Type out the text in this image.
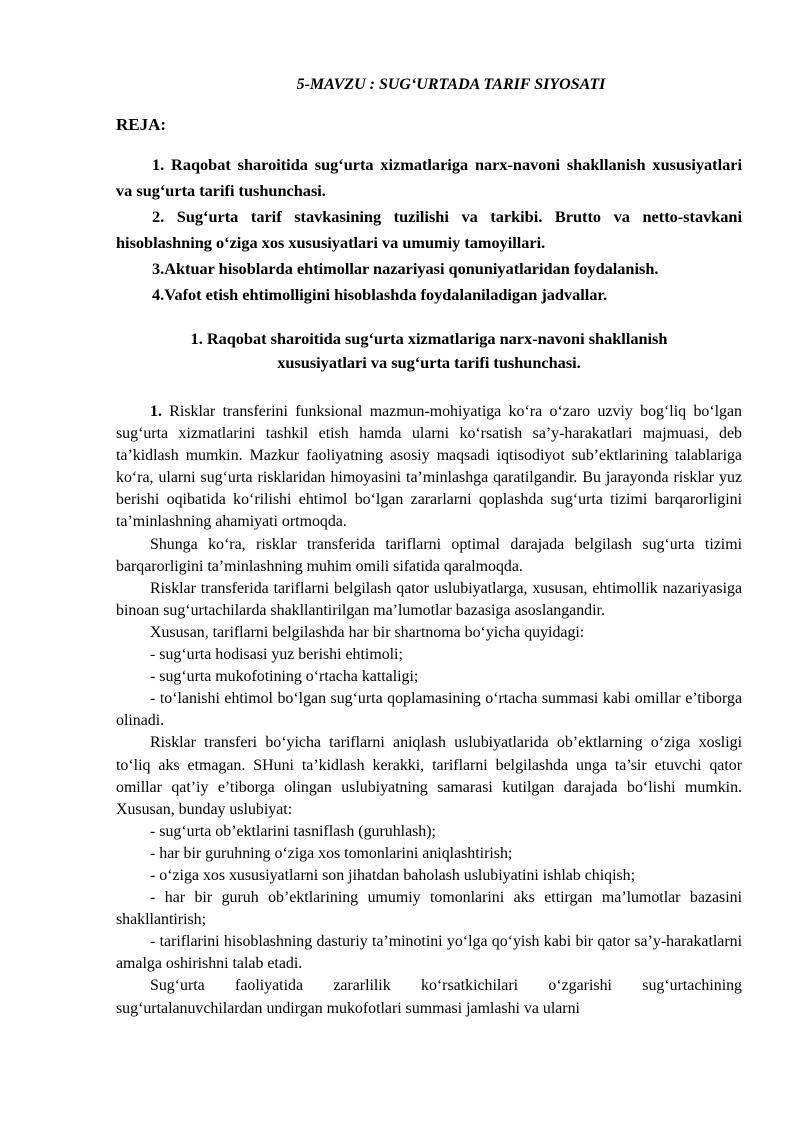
5-MAVZU : SUG‘URTADA TARIF SIYOSATI
REJA:

1. Raqobat sharoitida sug‘urta xizmatlariga narx-navoni shakllanish xususiyatlari va sug‘urta tarifi tushunchasi.

2. Sug‘urta tarif stavkasining tuzilishi va tarkibi. Brutto va netto-stavkani hisoblashning o‘ziga xos xususiyatlari va umumiy tamoyillari.

3.Aktuar hisoblarda ehtimollar nazariyasi qonuniyatlaridan foydalanish.

4.Vafot etish ehtimolligini hisoblashda foydalaniladigan jadvallar.

1. Raqobat sharoitida sug‘urta xizmatlariga narx-navoni shakllanish
xususiyatlari va sug‘urta tarifi tushunchasi.

1. Risklar transferini funksional mazmun-mohiyatiga ko‘ra o‘zaro uzviy bog‘liq bo‘lgan sug‘urta xizmatlarini tashkil etish hamda ularni ko‘rsatish sa’y-harakatlari majmuasi, deb ta’kidlash mumkin. Mazkur faoliyatning asosiy maqsadi iqtisodiyot sub’ektlarining talablariga ko‘ra, ularni sug‘urta risklaridan himoyasini ta’minlashga qaratilgandir. Bu jarayonda risklar yuz berishi oqibatida ko‘rilishi ehtimol bo‘lgan zararlarni qoplashda sug‘urta tizimi barqarorligini ta’minlashning ahamiyati ortmoqda.

Shunga ko‘ra, risklar transferida tariflarni optimal darajada belgilash sug‘urta tizimi barqarorligini ta’minlashning muhim omili sifatida qaralmoqda.

Risklar transferida tariflarni belgilash qator uslubiyatlarga, xususan, ehtimollik nazariyasiga binoan sug‘urtachilarda shakllantirilgan ma’lumotlar bazasiga asoslangandir.

Xususan, tariflarni belgilashda har bir shartnoma bo‘yicha quyidagi:

- sug‘urta hodisasi yuz berishi ehtimoli;

- sug‘urta mukofotining o‘rtacha kattaligi;

- to‘lanishi ehtimol bo‘lgan sug‘urta qoplamasining o‘rtacha summasi kabi omillar e’tiborga olinadi.

Risklar transferi bo‘yicha tariflarni aniqlash uslubiyatlarida ob’ektlarning o‘ziga xosligi to‘liq aks etmagan. SHuni ta’kidlash kerakki, tariflarni belgilashda unga ta’sir etuvchi qator omillar qat’iy e’tiborga olingan uslubiyatning samarasi kutilgan darajada bo‘lishi mumkin. Xususan, bunday uslubiyat:

- sug‘urta ob’ektlarini tasniflash (guruhlash);

- har bir guruhning o‘ziga xos tomonlarini aniqlashtirish;

- o‘ziga xos xususiyatlarni son jihatdan baholash uslubiyatini ishlab chiqish;

- har bir guruh ob’ektlarining umumiy tomonlarini aks ettirgan ma’lumotlar bazasini shakllantirish;

- tariflarini hisoblashning dasturiy ta’minotini yo‘lga qo‘yish kabi bir qator sa’y-harakatlarni amalga oshirishni talab etadi.

Sug‘urta faoliyatida zararlilik ko‘rsatkichilari o‘zgarishi sug‘urtachining sug‘urtalanuvchilardan undirgan mukofotlari summasi jamlashi va ularni
